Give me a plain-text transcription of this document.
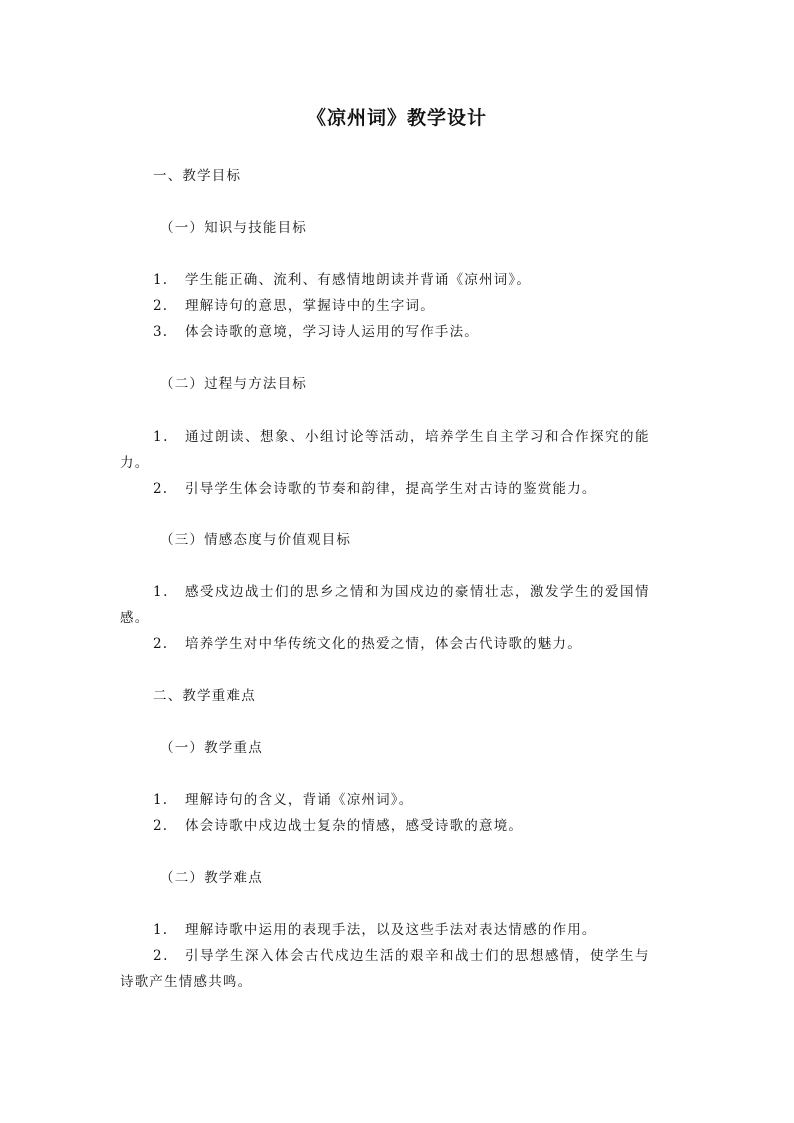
《凉州词》教学设计
一、教学目标
（一）知识与技能目标
1. 学生能正确、流利、有感情地朗读并背诵《凉州词》。
2. 理解诗句的意思，掌握诗中的生字词。
3. 体会诗歌的意境，学习诗人运用的写作手法。
（二）过程与方法目标
1. 通过朗读、想象、小组讨论等活动，培养学生自主学习和合作探究的能
力。
2. 引导学生体会诗歌的节奏和韵律，提高学生对古诗的鉴赏能力。
（三）情感态度与价值观目标
1. 感受戍边战士们的思乡之情和为国戍边的豪情壮志，激发学生的爱国情
感。
2. 培养学生对中华传统文化的热爱之情，体会古代诗歌的魅力。
二、教学重难点
（一）教学重点
1. 理解诗句的含义，背诵《凉州词》。
2. 体会诗歌中戍边战士复杂的情感，感受诗歌的意境。
（二）教学难点
1. 理解诗歌中运用的表现手法，以及这些手法对表达情感的作用。
2. 引导学生深入体会古代戍边生活的艰辛和战士们的思想感情，使学生与
诗歌产生情感共鸣。
